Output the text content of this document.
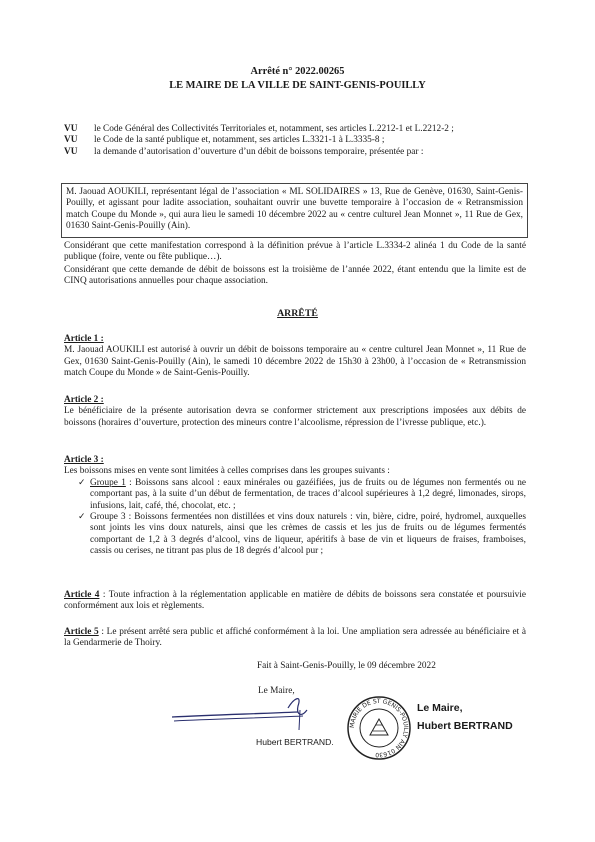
Arrêté n° 2022.00265
LE MAIRE DE LA VILLE DE SAINT-GENIS-POUILLY
VU	le Code Général des Collectivités Territoriales et, notamment, ses articles L.2212-1 et L.2212-2 ;
VU	le Code de la santé publique et, notamment, ses articles L.3321-1 à L.3335-8 ;
VU	la demande d’autorisation d’ouverture d’un débit de boissons temporaire, présentée par :
M. Jaouad AOUKILI, représentant légal de l’association « ML SOLIDAIRES » 13, Rue de Genève, 01630, Saint-Genis-Pouilly, et agissant pour ladite association, souhaitant ouvrir une buvette temporaire à l’occasion de « Retransmission match Coupe du Monde », qui aura lieu le samedi 10 décembre 2022 au « centre culturel Jean Monnet », 11 Rue de Gex, 01630 Saint-Genis-Pouilly (Ain).
Considérant que cette manifestation correspond à la définition prévue à l’article L.3334-2 alinéa 1 du Code de la santé publique (foire, vente ou fête publique…).
Considérant que cette demande de débit de boissons est la troisième de l’année 2022, étant entendu que la limite est de CINQ autorisations annuelles pour chaque association.
ARRÊTÉ
Article 1 :
M. Jaouad AOUKILI est autorisé à ouvrir un débit de boissons temporaire au « centre culturel Jean Monnet », 11 Rue de Gex, 01630 Saint-Genis-Pouilly (Ain), le samedi 10 décembre 2022 de 15h30 à 23h00, à l’occasion de « Retransmission match Coupe du Monde » de Saint-Genis-Pouilly.
Article 2 :
Le bénéficiaire de la présente autorisation devra se conformer strictement aux prescriptions imposées aux débits de boissons (horaires d’ouverture, protection des mineurs contre l’alcoolisme, répression de l’ivresse publique, etc.).
Article 3 :
Les boissons mises en vente sont limitées à celles comprises dans les groupes suivants :
✓ Groupe 1 : Boissons sans alcool : eaux minérales ou gazéifiées, jus de fruits ou de légumes non fermentés ou ne comportant pas, à la suite d’un début de fermentation, de traces d’alcool supérieures à 1,2 degré, limonades, sirops, infusions, lait, café, thé, chocolat, etc. ;
✓ Groupe 3 : Boissons fermentées non distillées et vins doux naturels : vin, bière, cidre, poiré, hydromel, auxquelles sont joints les vins doux naturels, ainsi que les crèmes de cassis et les jus de fruits ou de légumes fermentés comportant de 1,2 à 3 degrés d’alcool, vins de liqueur, apéritifs à base de vin et liqueurs de fraises, framboises, cassis ou cerises, ne titrant pas plus de 18 degrés d’alcool pur ;
Article 4 : Toute infraction à la réglementation applicable en matière de débits de boissons sera constatée et poursuivie conformément aux lois et règlements.
Article 5 : Le présent arrêté sera public et affiché conformément à la loi. Une ampliation sera adressée au bénéficiaire et à la Gendarmerie de Thoiry.
Fait à Saint-Genis-Pouilly, le 09 décembre 2022
Le Maire,
Hubert BERTRAND.
MAIRIE DE ST GENIS-POUILLY AIN 01630
Le Maire,
Hubert BERTRAND
